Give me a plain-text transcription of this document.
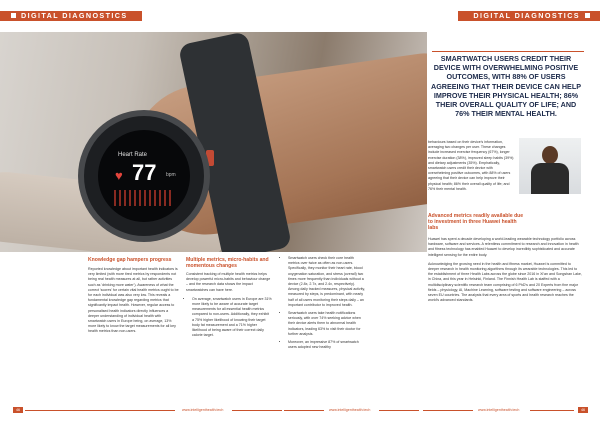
DIGITAL DIAGNOSTICS	DIGITAL DIAGNOSTICS
Heart Rate
♥ 77 bpm
Knowledge gap hampers progress

Reported knowledge about important health indicators is very limited (with more tired metrics by respondents not being real health measures at all, but rather activities such as 'drinking more water'). Awareness of what the correct 'scores' for certain vital health metrics ought to be for each individual was also very low. This reveals a fundamental knowledge gap regarding metrics that significantly impact health. However, regular access to personalised health indicators directly influences a deeper understanding of individual health with smartwatch users in Europe being, on average, 13% more likely to know the target measurements for all key health metrics than non-users.

Multiple metrics, micro-habits and momentous changes

Consistent tracking of multiple health metrics helps develop powerful micro-habits and behaviour change – and the research data shows the impact smartwatches can have here.

• On average, smartwatch users in Europe are 31% more likely to be aware of accurate target measurements for all essential health metrics compared to non-users. Additionally, they exhibit a 75% higher likelihood of knowing their target body fat measurement and a 71% higher likelihood of being aware of their correct daily calorie target.
• Smartwatch users check their core health metrics over twice as often as non-users. Specifically, they monitor their heart rate, blood oxygenation saturation, and stress (overall) two times more frequently than individuals without a device (2.8x, 2.7x, and 2.4x, respectively). Among daily tracked measures, physical activity, measured by steps, is predominant, with nearly half of all users monitoring their steps daily – an important contributor to improved health.
• Smartwatch users take health notifications seriously, with over 74% seeking advice when their device alerts them to abnormal health indicators, leading 63% to visit their doctor for further analysis.
• Moreover, an impressive 87% of smartwatch users adopted new healthy
SMARTWATCH USERS CREDIT THEIR DEVICE WITH OVERWHELMING POSITIVE OUTCOMES, WITH 88% OF USERS AGREEING THAT THEIR DEVICE CAN HELP IMPROVE THEIR PHYSICAL HEALTH; 86% THEIR OVERALL QUALITY OF LIFE; AND 76% THEIR MENTAL HEALTH.

behaviours based on their device's information, averaging two changes per user. These changes include increased exercise frequency (67%), longer exercise duration (38%), improved sleep habits (39%) and dietary adjustments (35%). Emphatically, smartwatch users credit their device with overwhelming positive outcomes, with 88% of users agreeing that their device can help improve their physical health; 86% their overall quality of life; and 76% their mental health.

Advanced metrics readily available due to investment in three Huawei health labs

Huawei has spent a decade developing a world-leading wearable technology portfolio across hardware, software and services. A relentless commitment to research and innovation in health and fitness technology has enabled Huawei to develop incredibly sophisticated and accurate intelligent sensing for the entire body.

Acknowledging the growing need in the health and fitness market, Huawei is committed to deeper research in health monitoring algorithms through its wearable technologies. This led to the establishment of three Health Labs across the globe since 2016 in Xi'an and Songshan Lake, in China, and this year in Helsinki, Finland. The Finnish Health Lab is staffed with a multidisciplinary scientific research team comprising of 6 PhD's and 20 Experts from fine major fields – physiology, AI, Machine Learning, software testing and software engineering – across seven EU countries. The analysts that every area of sports and health research reaches the world's advanced standards.

46	www.intelligenthealth.tech	www.intelligenthealth.tech	www.intelligenthealth.tech	46
